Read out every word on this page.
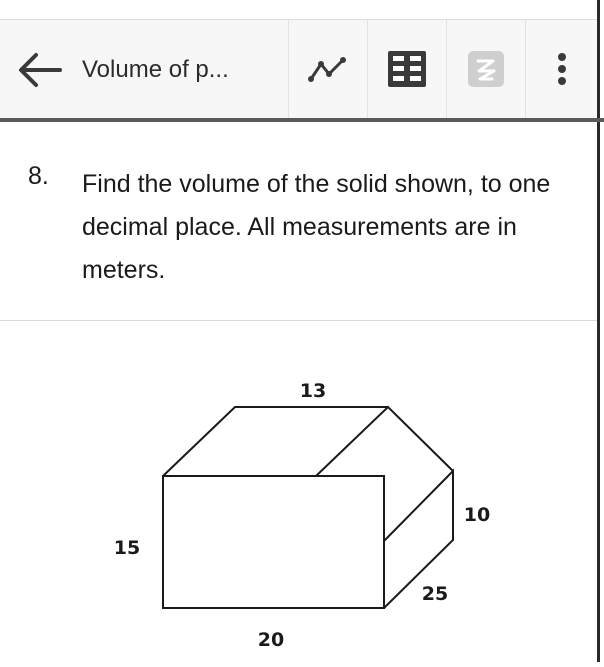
Volume of p...
8. Find the volume of the solid shown, to one decimal place. All measurements are in meters.
13
15
20
10
25
